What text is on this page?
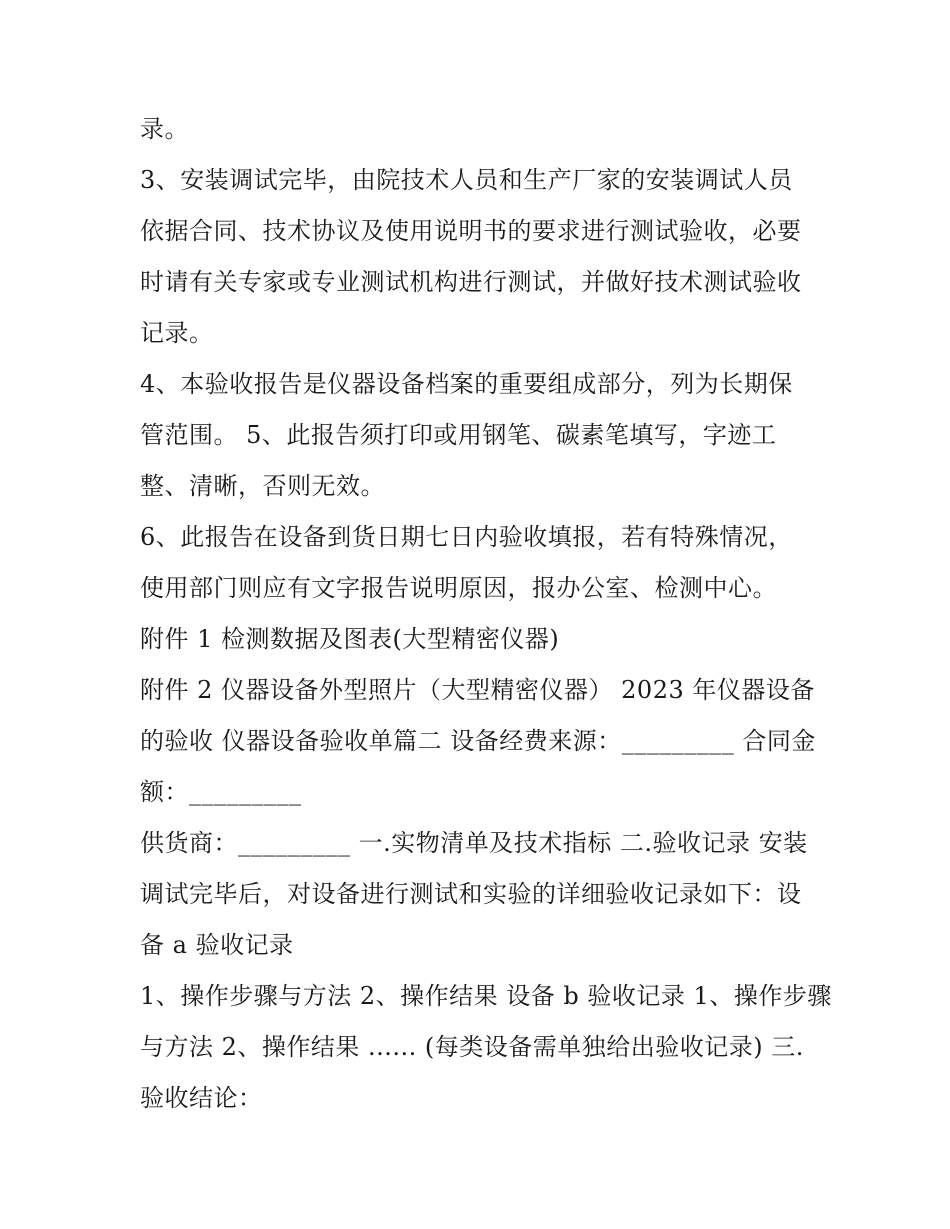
录。
3、安装调试完毕，由院技术人员和生产厂家的安装调试人员
依据合同、技术协议及使用说明书的要求进行测试验收，必要
时请有关专家或专业测试机构进行测试，并做好技术测试验收
记录。
4、本验收报告是仪器设备档案的重要组成部分，列为长期保
管范围。 5、此报告须打印或用钢笔、碳素笔填写，字迹工
整、清晰，否则无效。
6、此报告在设备到货日期七日内验收填报，若有特殊情况，
使用部门则应有文字报告说明原因，报办公室、检测中心。
附件 1 检测数据及图表(大型精密仪器)
附件 2 仪器设备外型照片（大型精密仪器） 2023 年仪器设备
的验收 仪器设备验收单篇二 设备经费来源：_________ 合同金
额：_________
供货商：_________ 一.实物清单及技术指标 二.验收记录 安装
调试完毕后，对设备进行测试和实验的详细验收记录如下：设
备 a 验收记录
1、操作步骤与方法 2、操作结果 设备 b 验收记录 1、操作步骤
与方法 2、操作结果 ...... (每类设备需单独给出验收记录) 三.
验收结论：
